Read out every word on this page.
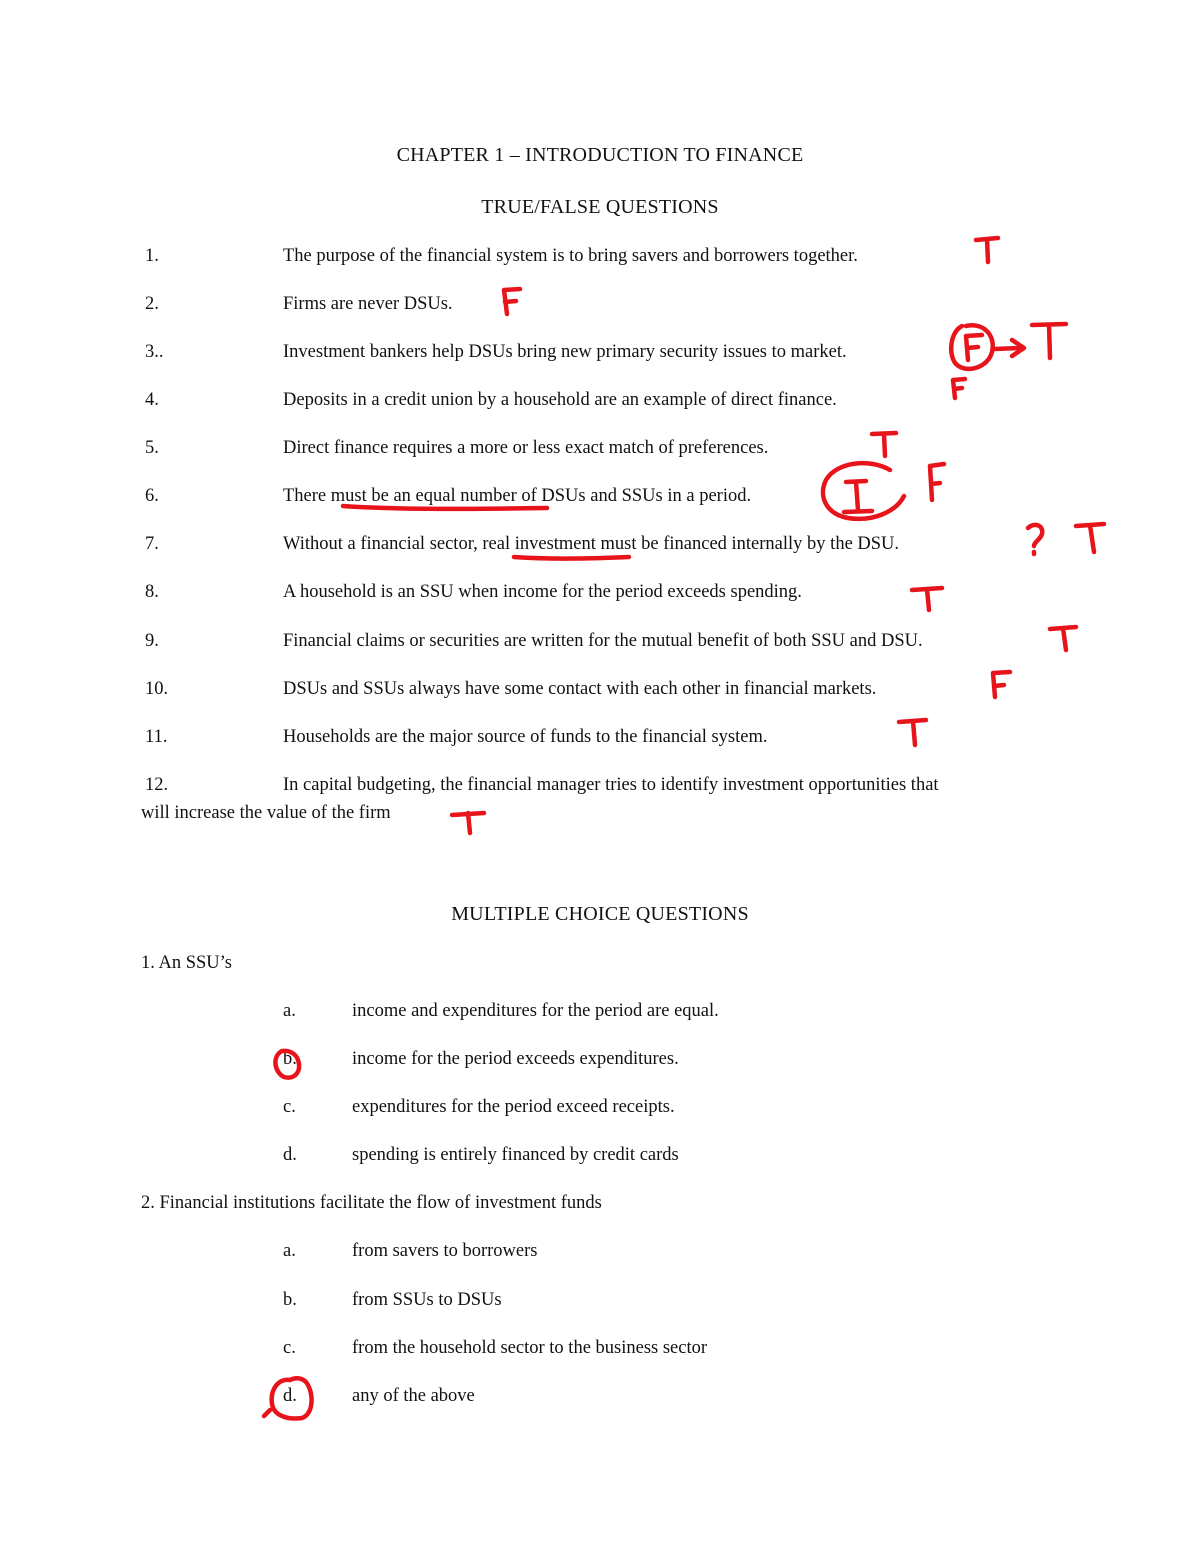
CHAPTER 1 – INTRODUCTION TO FINANCE
TRUE/FALSE QUESTIONS
1.	The purpose of the financial system is to bring savers and borrowers together.
2.	Firms are never DSUs.
3..	Investment bankers help DSUs bring new primary security issues to market.
4.	Deposits in a credit union by a household are an example of direct finance.
5.	Direct finance requires a more or less exact match of preferences.
6.	There must be an equal number of DSUs and SSUs in a period.
7.	Without a financial sector, real investment must be financed internally by the DSU.
8.	A household is an SSU when income for the period exceeds spending.
9.	Financial claims or securities are written for the mutual benefit of both SSU and DSU.
10.	DSUs and SSUs always have some contact with each other in financial markets.
11.	Households are the major source of funds to the financial system.
12.	In capital budgeting, the financial manager tries to identify investment opportunities that
will increase the value of the firm
MULTIPLE CHOICE QUESTIONS
1. An SSU’s
a.	income and expenditures for the period are equal.
b.	income for the period exceeds expenditures.
c.	expenditures for the period exceed receipts.
d.	spending is entirely financed by credit cards
2. Financial institutions facilitate the flow of investment funds
a.	from savers to borrowers
b.	from SSUs to DSUs
c.	from the household sector to the business sector
d.	any of the above
